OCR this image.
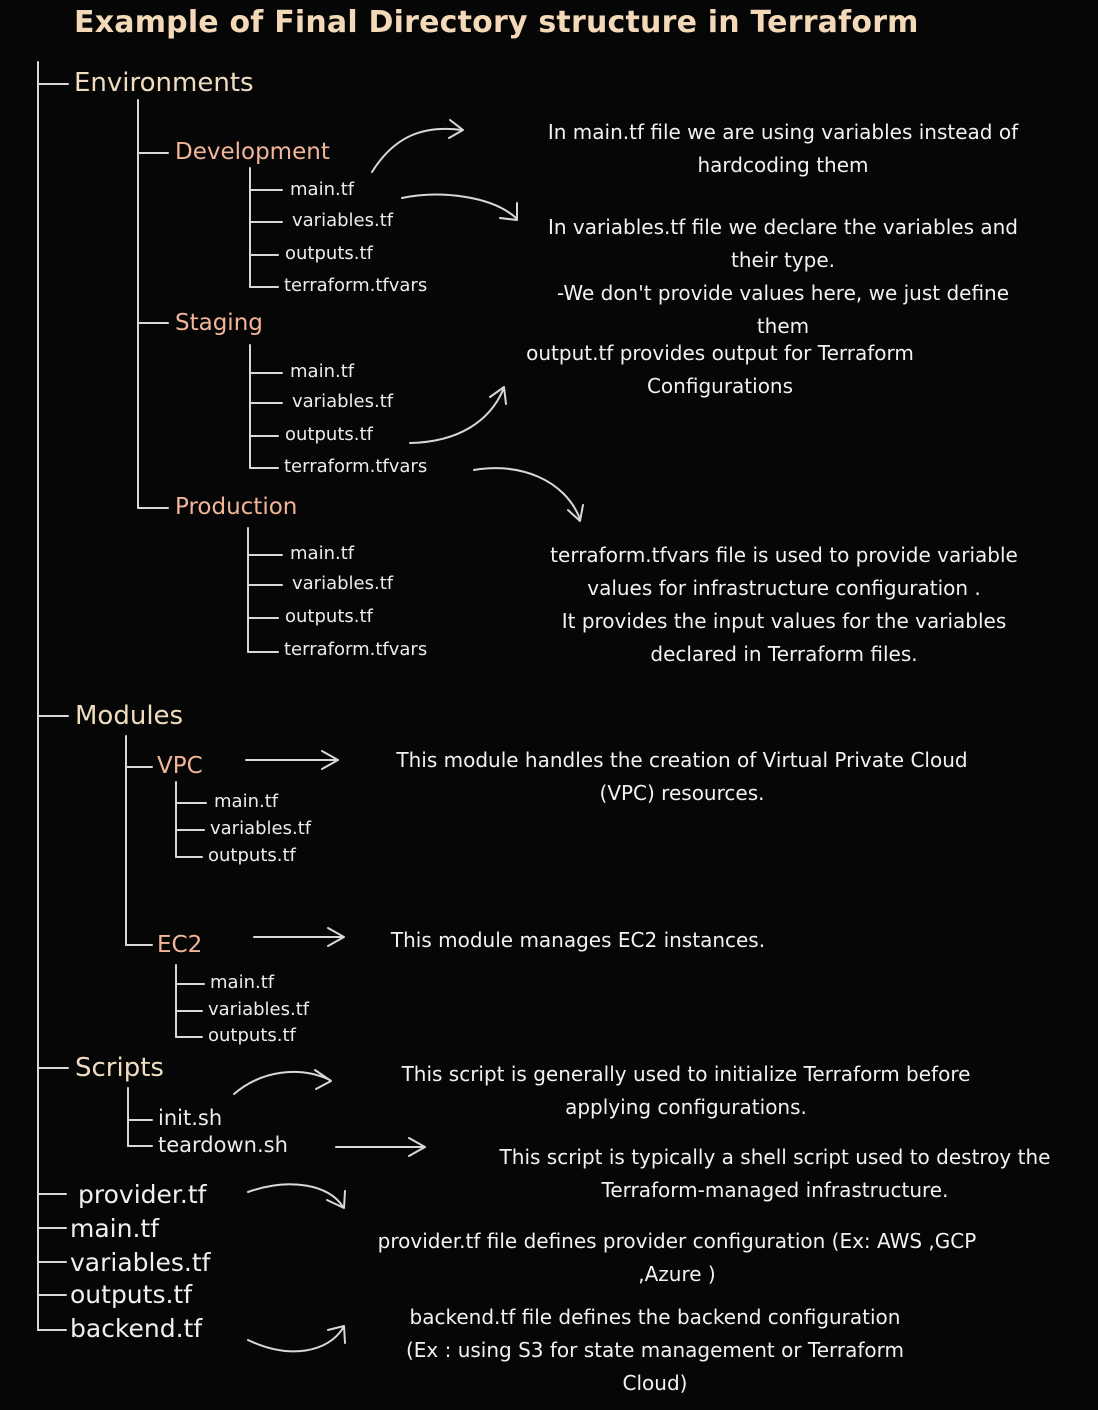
Example of Final Directory structure in Terraform
Environments
Development
main.tf
variables.tf
outputs.tf
terraform.tfvars
Staging
main.tf
variables.tf
outputs.tf
terraform.tfvars
Production
main.tf
variables.tf
outputs.tf
terraform.tfvars
Modules
VPC
main.tf
variables.tf
outputs.tf
EC2
main.tf
variables.tf
outputs.tf
Scripts
init.sh
teardown.sh
provider.tf
main.tf
variables.tf
outputs.tf
backend.tf
In main.tf file we are using variables instead of
hardcoding them
In variables.tf file we declare the variables and
their type.
-We don't provide values here, we just define
them
output.tf provides output for Terraform
Configurations
terraform.tfvars file is used to provide variable
values for infrastructure configuration .
It provides the input values for the variables
declared in Terraform files.
This module handles the creation of Virtual Private Cloud
(VPC) resources.
This module manages EC2 instances.
This script is generally used to initialize Terraform before
applying configurations.
This script is typically a shell script used to destroy the
Terraform-managed infrastructure.
provider.tf file defines provider configuration (Ex: AWS ,GCP
,Azure )
backend.tf file defines the backend configuration
(Ex : using S3 for state management or Terraform
Cloud)
